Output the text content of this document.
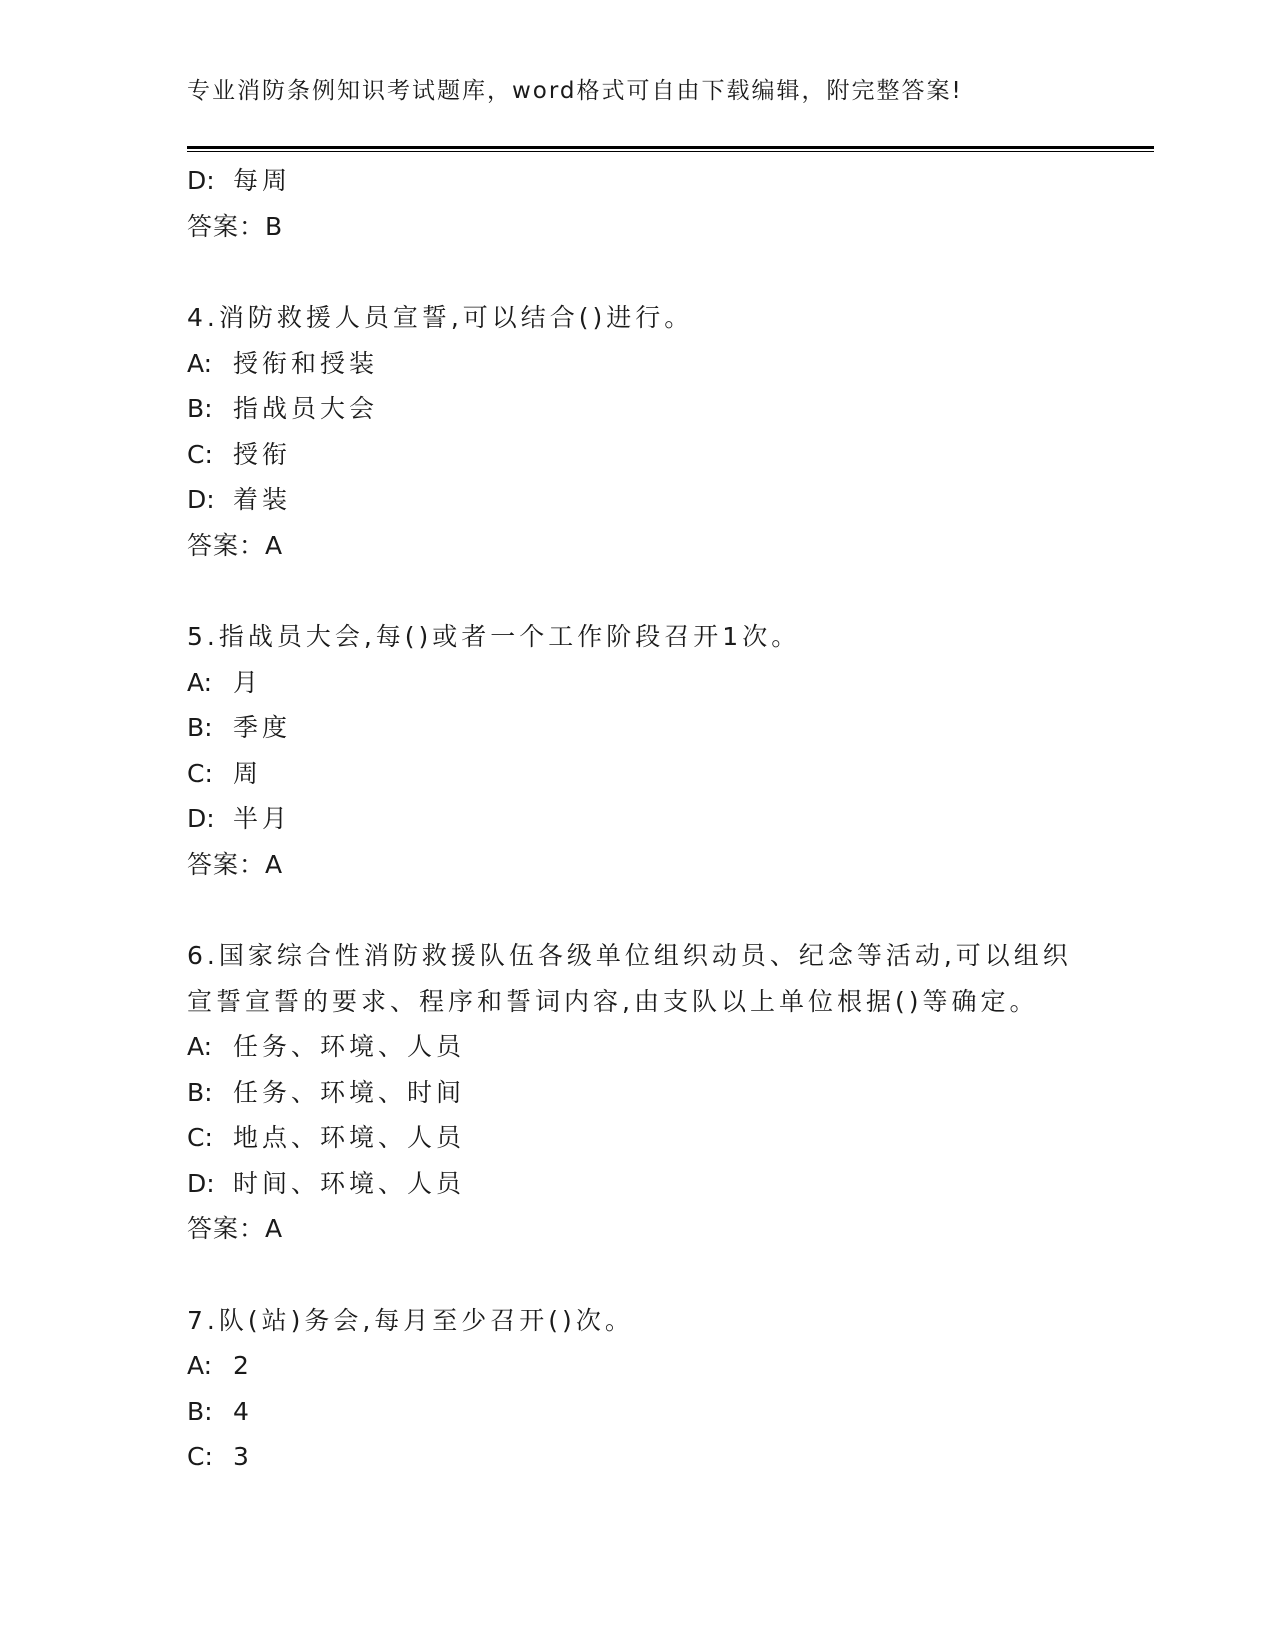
专业消防条例知识考试题库，word格式可自由下载编辑，附完整答案!
D: 每周
答案：B
4.消防救援人员宣誓,可以结合()进行。
A: 授衔和授装
B: 指战员大会
C: 授衔
D: 着装
答案：A
5.指战员大会,每()或者一个工作阶段召开1次。
A: 月
B: 季度
C: 周
D: 半月
答案：A
6.国家综合性消防救援队伍各级单位组织动员、纪念等活动,可以组织
宣誓宣誓的要求、程序和誓词内容,由支队以上单位根据()等确定。
A: 任务、环境、人员
B: 任务、环境、时间
C: 地点、环境、人员
D: 时间、环境、人员
答案：A
7.队(站)务会,每月至少召开()次。
A: 2
B: 4
C: 3
